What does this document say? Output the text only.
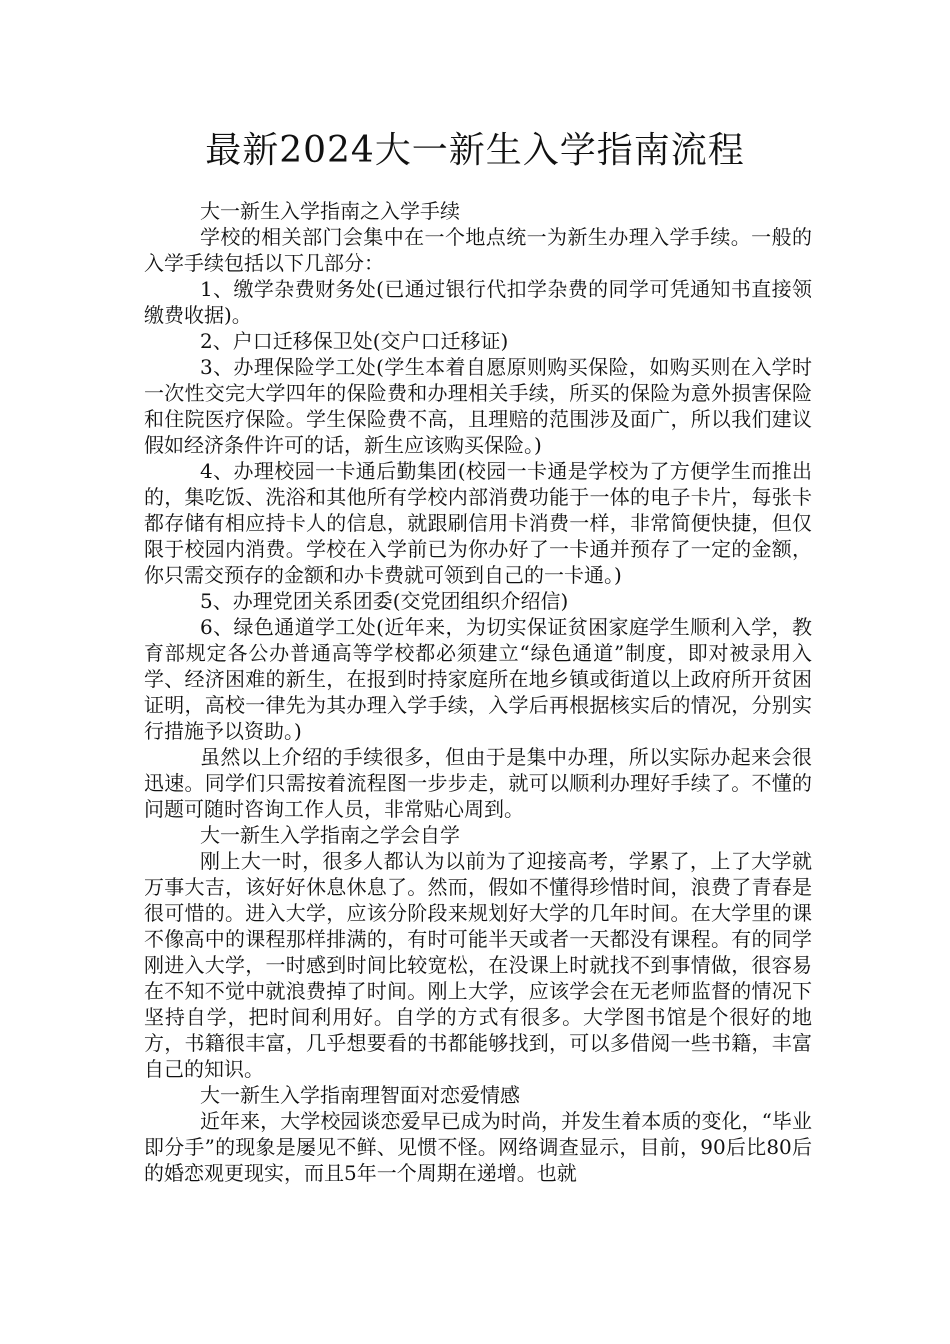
最新2024大一新生入学指南流程

大一新生入学指南之入学手续

学校的相关部门会集中在一个地点统一为新生办理入学手续。一般的入学手续包括以下几部分：

1、缴学杂费财务处(已通过银行代扣学杂费的同学可凭通知书直接领缴费收据)。

2、户口迁移保卫处(交户口迁移证)

3、办理保险学工处(学生本着自愿原则购买保险，如购买则在入学时一次性交完大学四年的保险费和办理相关手续，所买的保险为意外损害保险和住院医疗保险。学生保险费不高，且理赔的范围涉及面广，所以我们建议假如经济条件许可的话，新生应该购买保险。)

4、办理校园一卡通后勤集团(校园一卡通是学校为了方便学生而推出的，集吃饭、洗浴和其他所有学校内部消费功能于一体的电子卡片，每张卡都存储有相应持卡人的信息，就跟刷信用卡消费一样，非常简便快捷，但仅限于校园内消费。学校在入学前已为你办好了一卡通并预存了一定的金额，你只需交预存的金额和办卡费就可领到自己的一卡通。)

5、办理党团关系团委(交党团组织介绍信)

6、绿色通道学工处(近年来，为切实保证贫困家庭学生顺利入学，教育部规定各公办普通高等学校都必须建立“绿色通道”制度，即对被录用入学、经济困难的新生，在报到时持家庭所在地乡镇或街道以上政府所开贫困证明，高校一律先为其办理入学手续，入学后再根据核实后的情况，分别实行措施予以资助。)

虽然以上介绍的手续很多，但由于是集中办理，所以实际办起来会很迅速。同学们只需按着流程图一步步走，就可以顺利办理好手续了。不懂的问题可随时咨询工作人员，非常贴心周到。

大一新生入学指南之学会自学

刚上大一时，很多人都认为以前为了迎接高考，学累了，上了大学就万事大吉，该好好休息休息了。然而，假如不懂得珍惜时间，浪费了青春是很可惜的。进入大学，应该分阶段来规划好大学的几年时间。在大学里的课不像高中的课程那样排满的，有时可能半天或者一天都没有课程。有的同学刚进入大学，一时感到时间比较宽松，在没课上时就找不到事情做，很容易在不知不觉中就浪费掉了时间。刚上大学，应该学会在无老师监督的情况下坚持自学，把时间利用好。自学的方式有很多。大学图书馆是个很好的地方，书籍很丰富，几乎想要看的书都能够找到，可以多借阅一些书籍，丰富自己的知识。

大一新生入学指南理智面对恋爱情感

近年来，大学校园谈恋爱早已成为时尚，并发生着本质的变化，“毕业即分手”的现象是屡见不鲜、见惯不怪。网络调查显示，目前，90后比80后的婚恋观更现实，而且5年一个周期在递增。也就
